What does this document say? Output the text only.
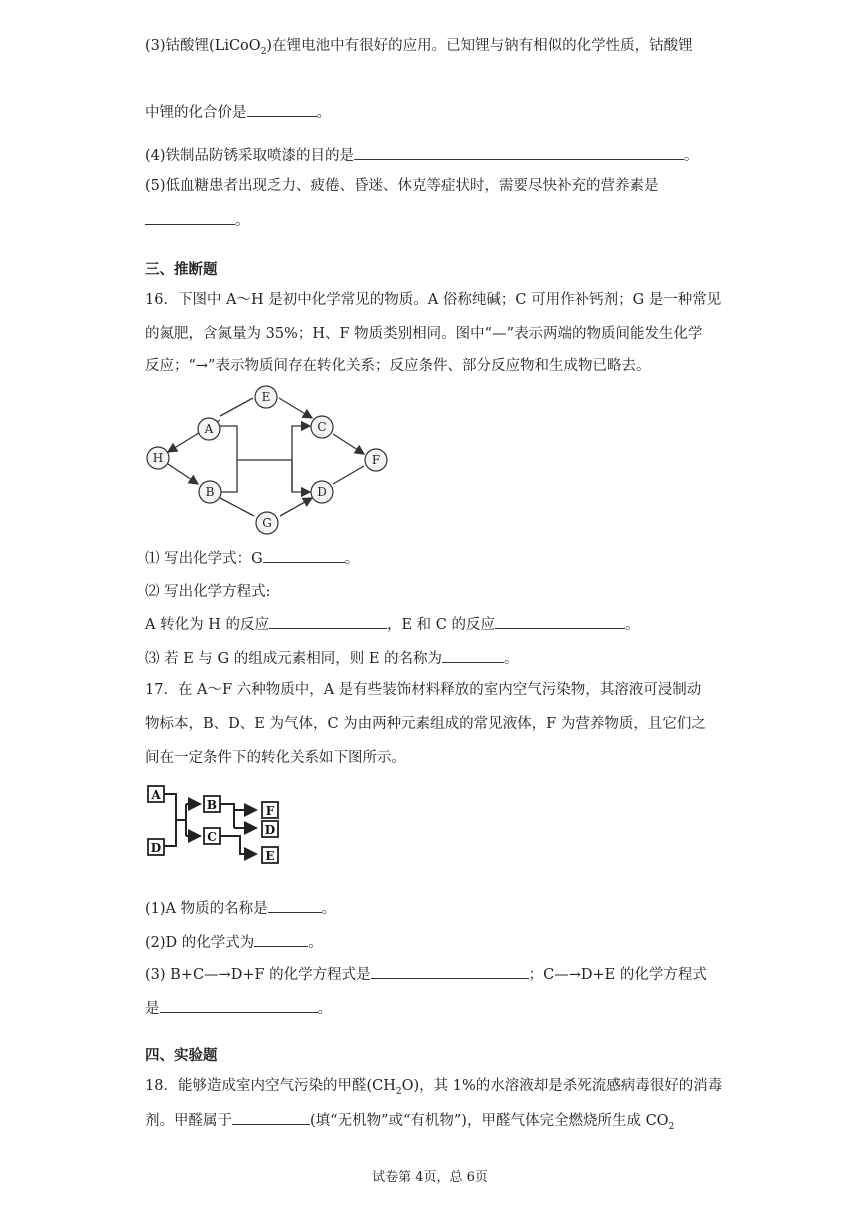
(3)钴酸锂(LiCoO$_2$)在锂电池中有很好的应用。已知锂与钠有相似的化学性质，钴酸锂
中锂的化合价是	。
(4)铁制品防锈采取喷漆的目的是	。
(5)低血糖患者出现乏力、疲倦、昏迷、休克等症状时，需要尽快补充的营养素是
。
三、推断题
16．下图中 A～H 是初中化学常见的物质。A 俗称纯碱；C 可用作补钙剂；G 是一种常见
的氮肥，含氮量为 35%；H、F 物质类别相同。图中“—”表示两端的物质间能发生化学
反应；“→”表示物质间存在转化关系；反应条件、部分反应物和生成物已略去。
H
A
E
B
G
C
D
F
⑴ 写出化学式：G	。
⑵ 写出化学方程式:
A 转化为 H 的反应	，E 和 C 的反应	。
⑶ 若 E 与 G 的组成元素相同，则 E 的名称为	。
17．在 A～F 六种物质中，A 是有些装饰材料释放的室内空气污染物，其溶液可浸制动
物标本，B、D、E 为气体，C 为由两种元素组成的常见液体，F 为营养物质，且它们之
间在一定条件下的转化关系如下图所示。
A
D
B
C
F
D
E
(1)A 物质的名称是	。
(2)D 的化学式为	。
(3) B+C—→D+F 的化学方程式是	；C—→D+E 的化学方程式
是	。
四、实验题
18．能够造成室内空气污染的甲醛$(CH_2O)$，其 1%的水溶液却是杀死流感病毒很好的消毒
剂。甲醛属于	(填“无机物”或“有机物”)，甲醛气体完全燃烧所生成 $CO_2$
试卷第 4页，总 6页
